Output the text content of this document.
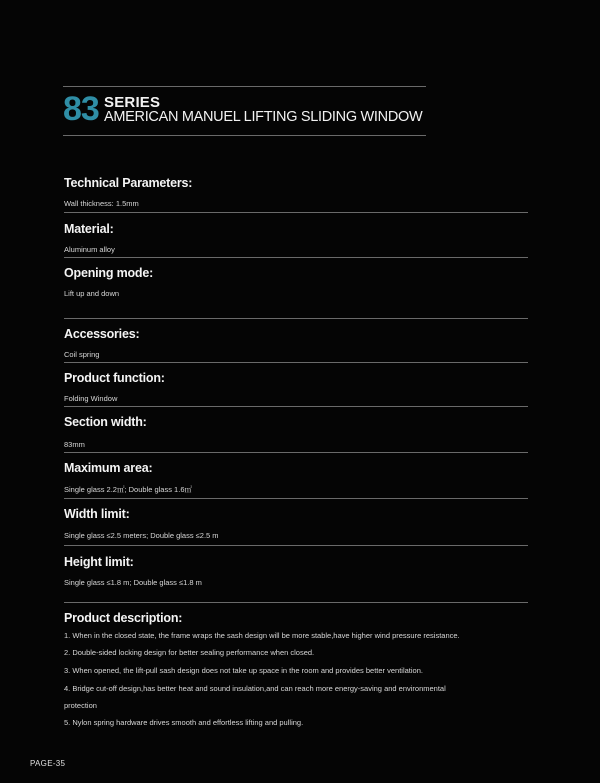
83 SERIES
AMERICAN MANUEL LIFTING SLIDING WINDOW
Technical Parameters:
Wall thickness: 1.5mm
Material:
Aluminum alloy
Opening mode:
Lift up and down
Accessories:
Coil spring
Product function:
Folding Window
Section width:
83mm
Maximum area:
Single glass 2.2㎡; Double glass 1.6㎡
Width limit:
Single glass ≤2.5 meters; Double glass ≤2.5 m
Height limit:
Single glass ≤1.8 m; Double glass ≤1.8 m
Product description:
1. When in the closed state, the frame wraps the sash design will be more stable,have higher wind pressure resistance.
2. Double-sided locking design for better sealing performance when closed.
3. When opened, the lift-pull sash design does not take up space in the room and provides better ventilation.
4. Bridge cut-off design,has better heat and sound insulation,and can reach more energy-saving and environmental
protection
5. Nylon spring hardware drives smooth and effortless lifting and pulling.
PAGE-35
